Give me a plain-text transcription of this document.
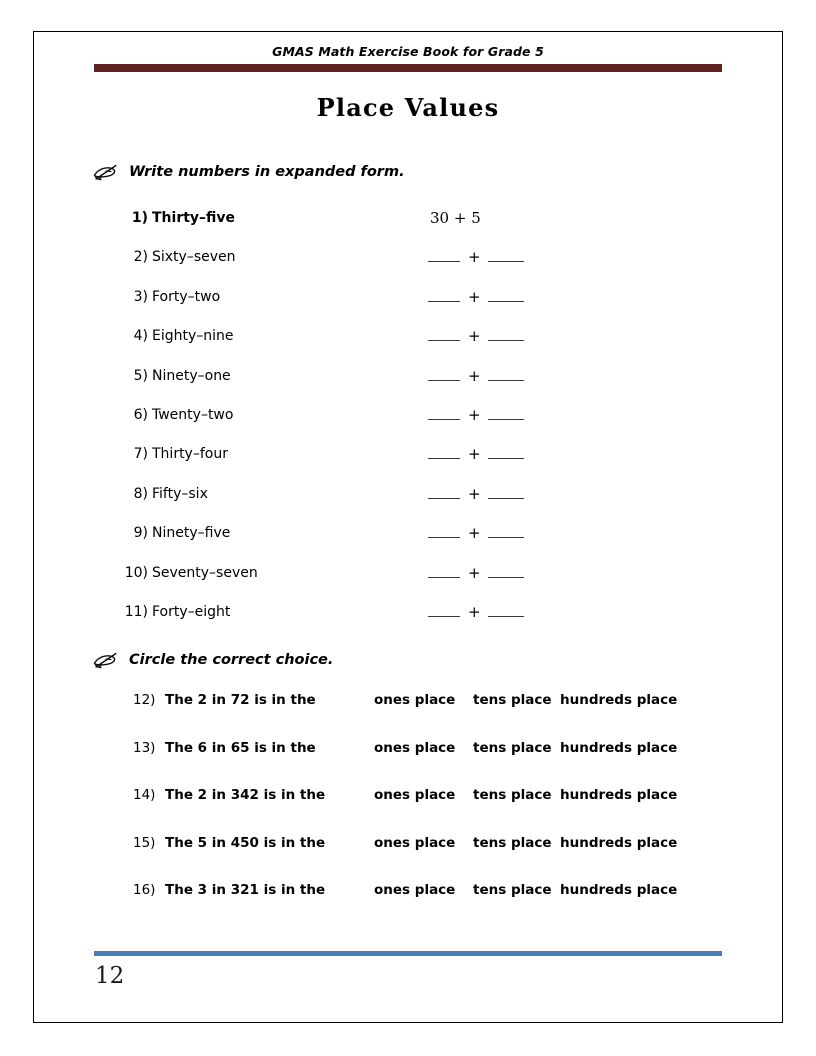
GMAS Math Exercise Book for Grade 5
Place Values
Write numbers in expanded form.
1) Thirty–five	30 + 5
2) Sixty–seven	+
3) Forty–two	+
4) Eighty–nine	+
5) Ninety–one	+
6) Twenty–two	+
7) Thirty–four	+
8) Fifty–six	+
9) Ninety–five	+
10) Seventy–seven	+
11) Forty–eight	+
Circle the correct choice.
12) The 2 in 72 is in the	ones place tens place hundreds place
13) The 6 in 65 is in the	ones place tens place hundreds place
14) The 2 in 342 is in the	ones place tens place hundreds place
15) The 5 in 450 is in the	ones place tens place hundreds place
16) The 3 in 321 is in the	ones place tens place hundreds place
12
